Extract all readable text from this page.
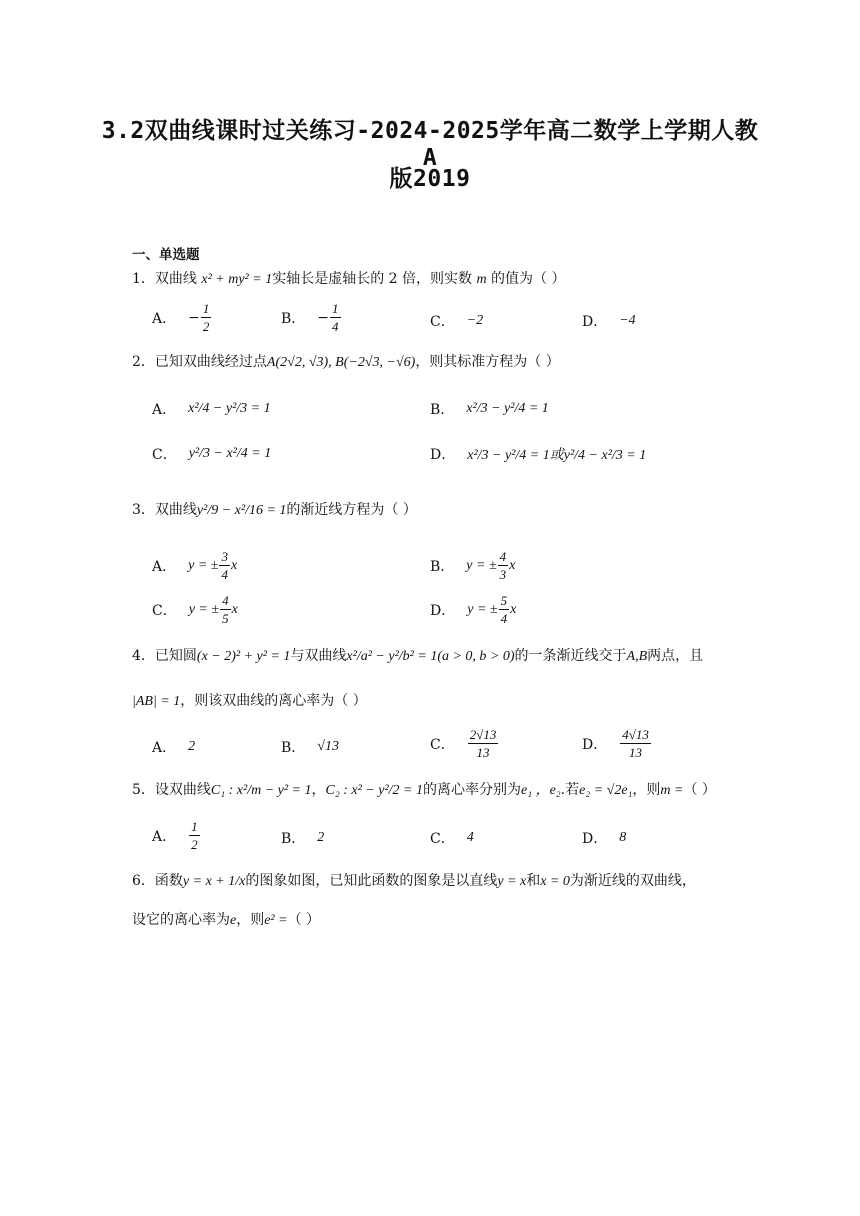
3.2双曲线课时过关练习-2024-2025学年高二数学上学期人教A
版2019
一、单选题
1．双曲线 x² + my² = 1实轴长是虚轴长的 2 倍，则实数 m 的值为（ ）
A． − $\frac{1}{2}$	B． − $\frac{1}{4}$	C． −2	D． −4
2．已知双曲线经过点A(2√2, √3), B(−2√3, −√6)，则其标准方程为（ ）
A． x²/4 − y²/3 = 1	B． x²/3 − y²/4 = 1
C． y²/3 − x²/4 = 1	D． x²/3 − y²/4 = 1或y²/4 − x²/3 = 1
3．双曲线y²/9 − x²/16 = 1的渐近线方程为（ ）
A． y = ± $\frac{3}{4}$ x	B． y = ± $\frac{4}{3}$ x
C． y = ± $\frac{4}{5}$ x	D． y = ± $\frac{5}{4}$ x
4．已知圆(x − 2)² + y² = 1与双曲线x²/a² − y²/b² = 1(a > 0, b > 0)的一条渐近线交于A,B两点，且
|AB| = 1，则该双曲线的离心率为（ ）
A． 2	B． √13	C． $\frac{2√13}{13}$	D． $\frac{4√13}{13}$
5．设双曲线C₁ : x²/m − y² = 1，C₂ : x² − y²/2 = 1的离心率分别为e₁ ，e₂.若e₂ = √2e₁，则m =（ ）
A． $\frac{1}{2}$	B． 2	C． 4	D． 8
6．函数y = x + 1/x的图象如图，已知此函数的图象是以直线y = x和x = 0为渐近线的双曲线，
设它的离心率为e，则e² =（ ）
